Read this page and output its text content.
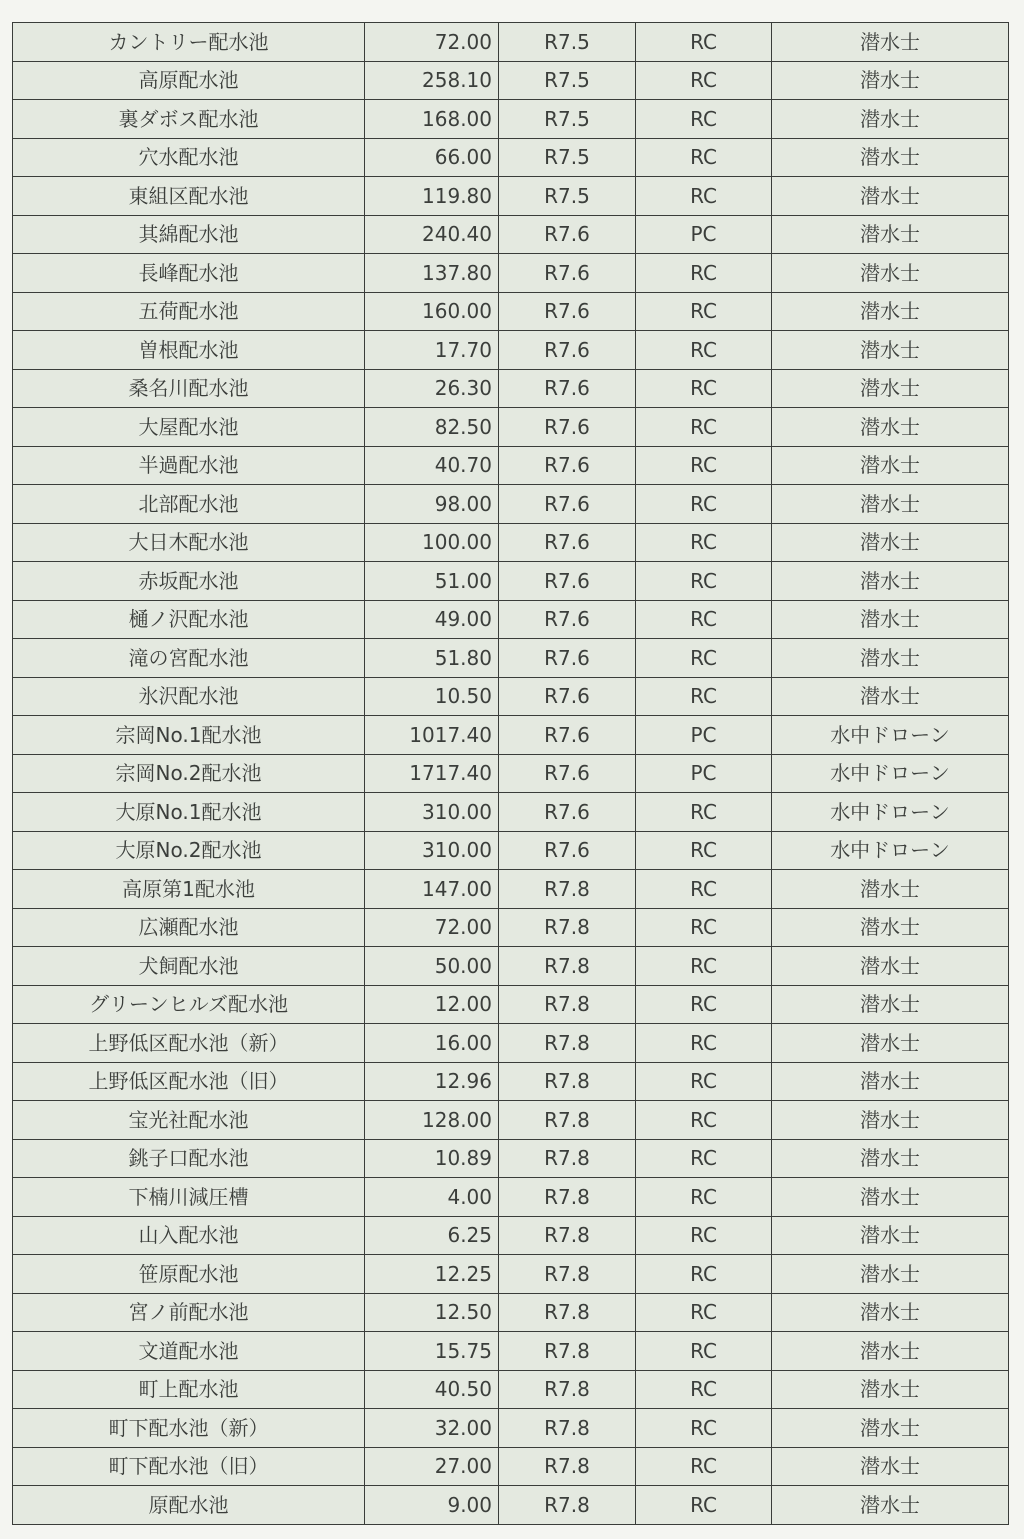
カントリー配水池	72.00	R7.5	RC	潜水士
高原配水池	258.10	R7.5	RC	潜水士
裏ダボス配水池	168.00	R7.5	RC	潜水士
穴水配水池	66.00	R7.5	RC	潜水士
東組区配水池	119.80	R7.5	RC	潜水士
其綿配水池	240.40	R7.6	PC	潜水士
長峰配水池	137.80	R7.6	RC	潜水士
五荷配水池	160.00	R7.6	RC	潜水士
曽根配水池	17.70	R7.6	RC	潜水士
桑名川配水池	26.30	R7.6	RC	潜水士
大屋配水池	82.50	R7.6	RC	潜水士
半過配水池	40.70	R7.6	RC	潜水士
北部配水池	98.00	R7.6	RC	潜水士
大日木配水池	100.00	R7.6	RC	潜水士
赤坂配水池	51.00	R7.6	RC	潜水士
樋ノ沢配水池	49.00	R7.6	RC	潜水士
滝の宮配水池	51.80	R7.6	RC	潜水士
氷沢配水池	10.50	R7.6	RC	潜水士
宗岡No.1配水池	1017.40	R7.6	PC	水中ドローン
宗岡No.2配水池	1717.40	R7.6	PC	水中ドローン
大原No.1配水池	310.00	R7.6	RC	水中ドローン
大原No.2配水池	310.00	R7.6	RC	水中ドローン
高原第1配水池	147.00	R7.8	RC	潜水士
広瀬配水池	72.00	R7.8	RC	潜水士
犬飼配水池	50.00	R7.8	RC	潜水士
グリーンヒルズ配水池	12.00	R7.8	RC	潜水士
上野低区配水池（新）	16.00	R7.8	RC	潜水士
上野低区配水池（旧）	12.96	R7.8	RC	潜水士
宝光社配水池	128.00	R7.8	RC	潜水士
銚子口配水池	10.89	R7.8	RC	潜水士
下楠川減圧槽	4.00	R7.8	RC	潜水士
山入配水池	6.25	R7.8	RC	潜水士
笹原配水池	12.25	R7.8	RC	潜水士
宮ノ前配水池	12.50	R7.8	RC	潜水士
文道配水池	15.75	R7.8	RC	潜水士
町上配水池	40.50	R7.8	RC	潜水士
町下配水池（新）	32.00	R7.8	RC	潜水士
町下配水池（旧）	27.00	R7.8	RC	潜水士
原配水池	9.00	R7.8	RC	潜水士
